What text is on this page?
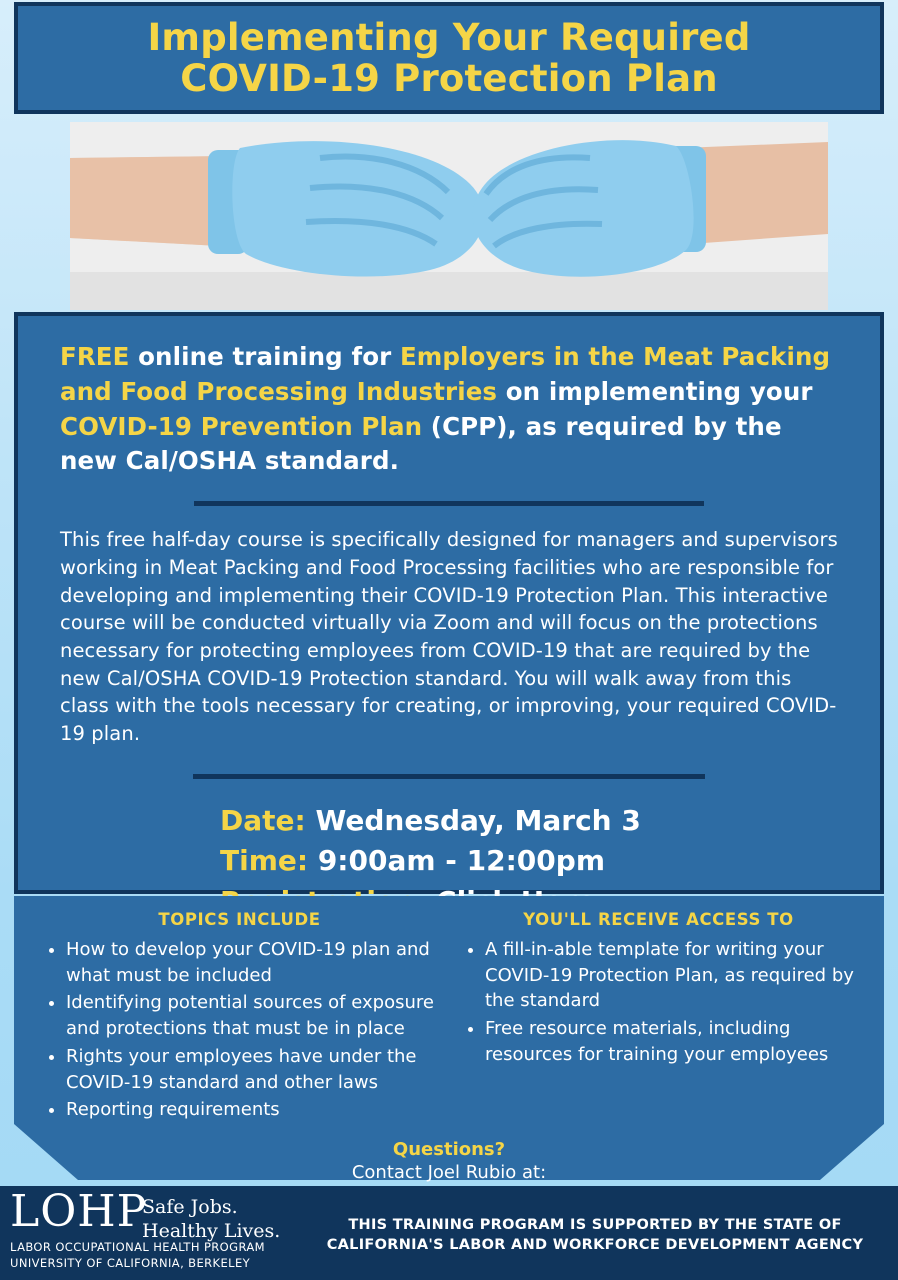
Implementing Your Required
COVID-19 Protection Plan
FREE online training for Employers in the Meat Packing and Food Processing Industries on implementing your COVID-19 Prevention Plan (CPP), as required by the new Cal/OSHA standard.
This free half-day course is specifically designed for managers and supervisors working in Meat Packing and Food Processing facilities who are responsible for developing and implementing their COVID-19 Protection Plan. This interactive course will be conducted virtually via Zoom and will focus on the protections necessary for protecting employees from COVID-19 that are required by the new Cal/OSHA COVID-19 Protection standard. You will walk away from this class with the tools necessary for creating, or improving, your required COVID-19 plan.
Date: Wednesday, March 3
Time: 9:00am - 12:00pm
TOPICS INCLUDE
• How to develop your COVID-19 plan and what must be included
• Identifying potential sources of exposure and protections that must be in place
• Rights your employees have under the COVID-19 standard and other laws
• Reporting requirements
YOU'LL RECEIVE ACCESS TO
• A fill-in-able template for writing your COVID-19 Protection Plan, as required by the standard
• Free resource materials, including resources for training your employees
Questions?
Contact Joel Rubio at:
LOHP
Safe Jobs.
Healthy Lives.
LABOR OCCUPATIONAL HEALTH PROGRAM
UNIVERSITY OF CALIFORNIA, BERKELEY
THIS TRAINING PROGRAM IS SUPPORTED BY THE STATE OF
CALIFORNIA'S LABOR AND WORKFORCE DEVELOPMENT AGENCY
